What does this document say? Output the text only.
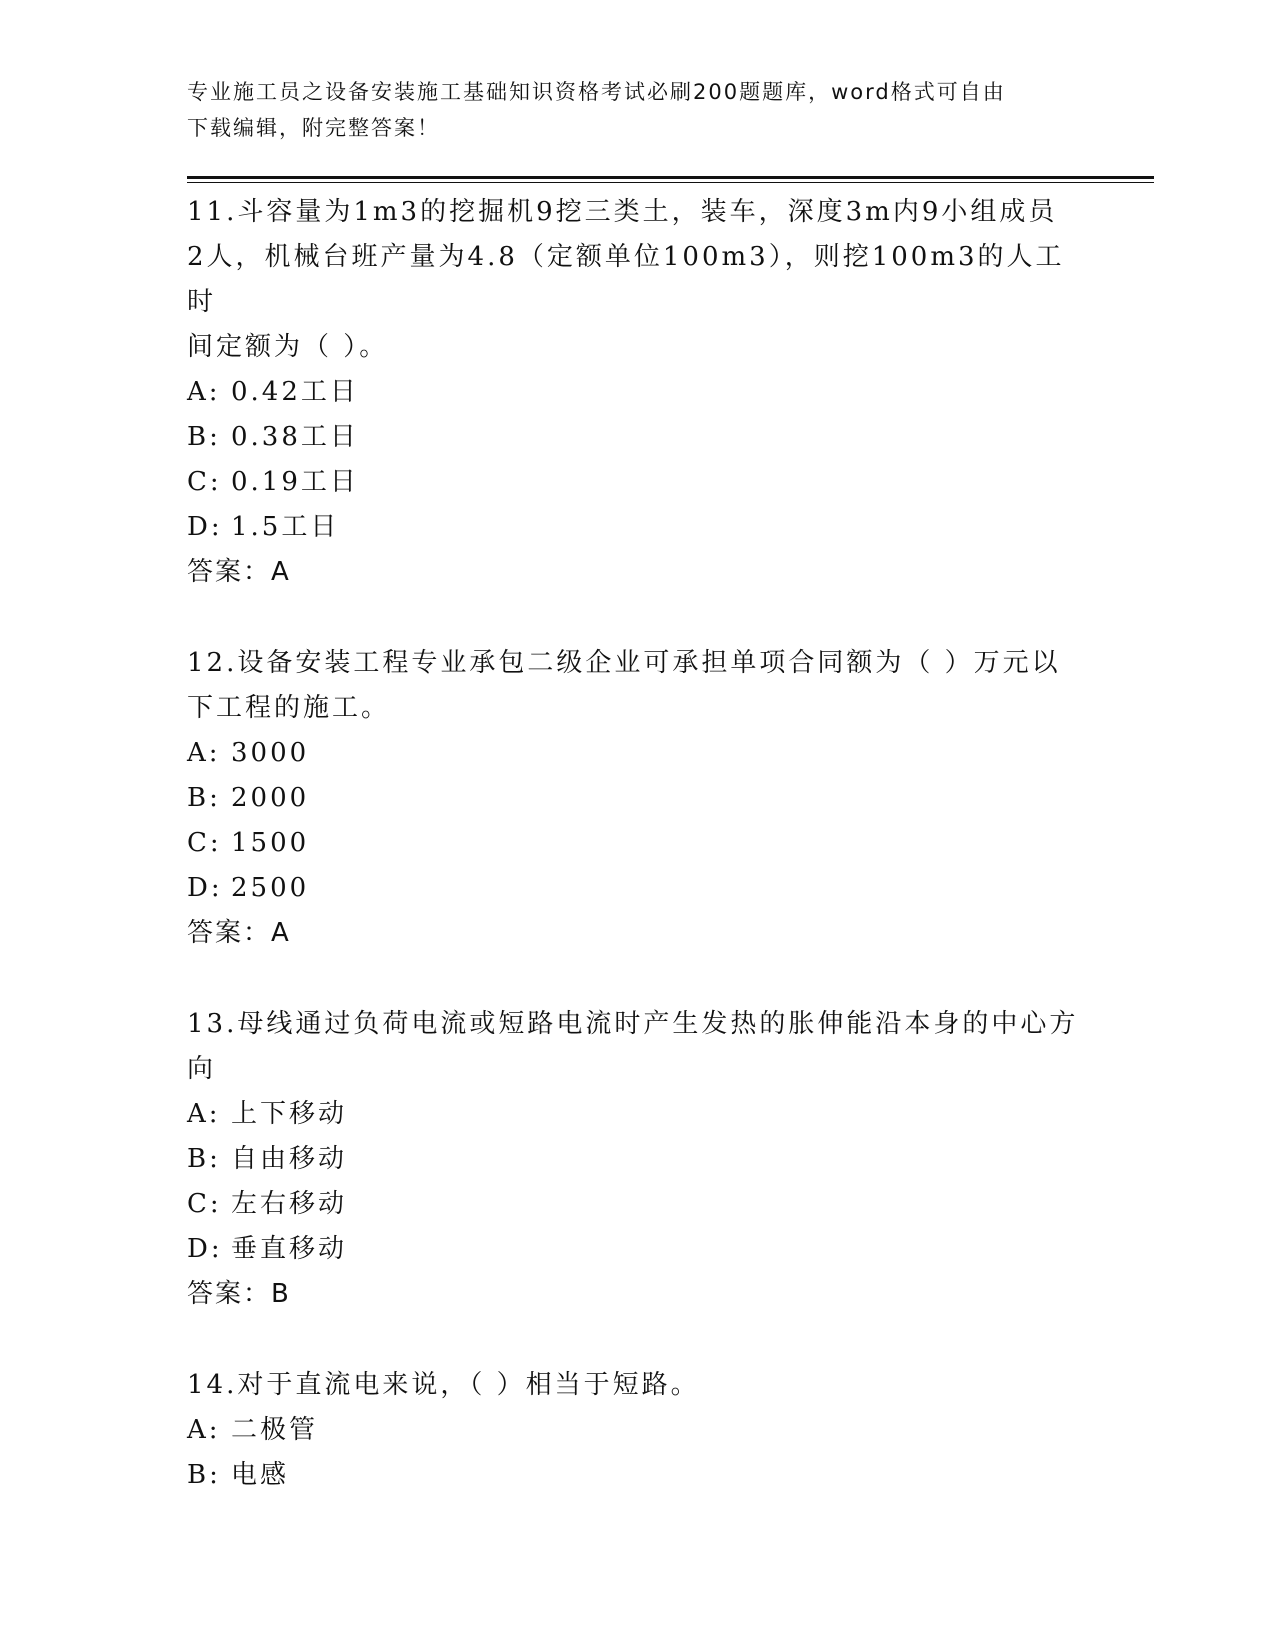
专业施工员之设备安装施工基础知识资格考试必刷200题题库，word格式可自由
下载编辑，附完整答案！

11.斗容量为1m3的挖掘机9挖三类土，装车，深度3m内9小组成员

2人，机械台班产量为4.8（定额单位100m3），则挖100m3的人工时

间定额为（ ）。

A: 0.42工日

B: 0.38工日

C: 0.19工日

D: 1.5工日

答案：A

12.设备安装工程专业承包二级企业可承担单项合同额为（ ）万元以

下工程的施工。

A: 3000

B: 2000

C: 1500

D: 2500

答案：A

13.母线通过负荷电流或短路电流时产生发热的胀伸能沿本身的中心方

向

A: 上下移动

B: 自由移动

C: 左右移动

D: 垂直移动

答案：B

14.对于直流电来说，（ ）相当于短路。

A: 二极管

B: 电感
